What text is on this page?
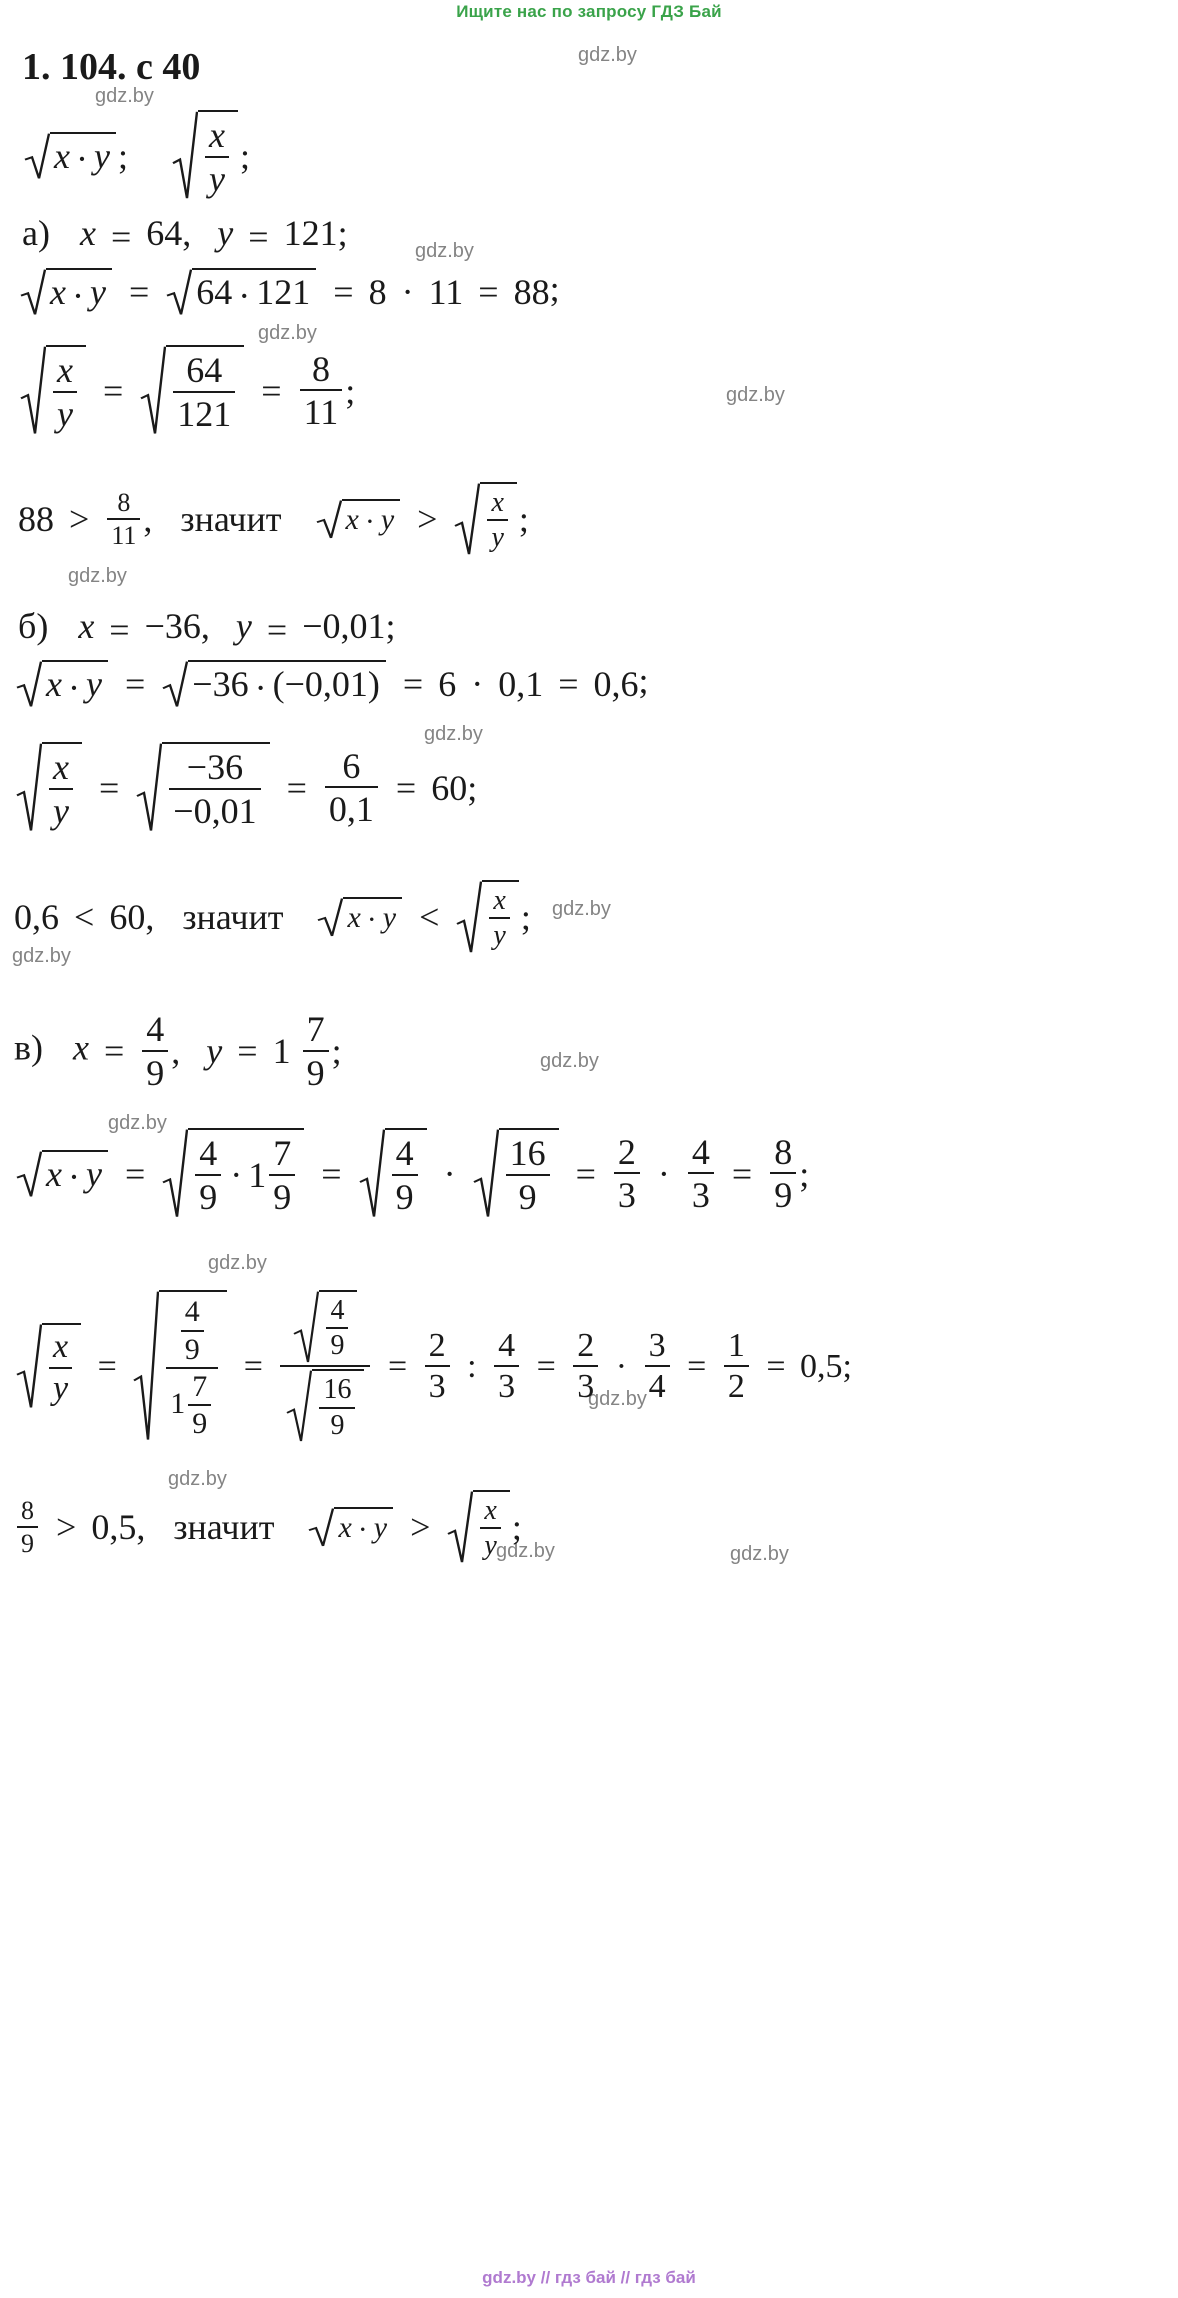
Ищите нас по запросу ГДЗ Бай
gdz.by
gdz.by
gdz.by
gdz.by
gdz.by
gdz.by
gdz.by
gdz.by
gdz.by
gdz.by
gdz.by
gdz.by
gdz.by
gdz.by
gdz.by
1. 104. с 40
x · y ; $\frac{x}{y}$ ;
а) x = 64, y = 121;
x · y = 64 · 121 = 8 · 11 = 88;
$\frac{x}{y} = \frac{64}{121} = \frac{8}{11}$ ;
$88 > \frac{8}{11}$ , значит $x \cdot y > \frac{x}{y}$ ;
б) x = −36, y = −0,01;
x · y = −36 · (−0,01) = 6 · 0,1 = 0,6;
$\frac{x}{y} = \frac{-36}{-0,01} = \frac{6}{0,1} = 60$;
0,6 < 60, значит $x \cdot y < \frac{x}{y}$ ;
в) $x = \frac{4}{9}$ , $y = 1 \frac{7}{9}$ ;
$x \cdot y = \frac{4}{9} \cdot 1 \frac{7}{9} = \frac{4}{9} \cdot \frac{16}{9} = \frac{2}{3} \cdot \frac{4}{3} = \frac{8}{9}$ ;
$\frac{x}{y} = \frac{\frac{4}{9}}{1 \frac{7}{9}} = \frac{\frac{4}{9}}{\frac{16}{9}} = \frac{2}{3}$ : $\frac{4}{3} = \frac{2}{3} \cdot \frac{3}{4} = \frac{1}{2} = 0,5$;
$\frac{8}{9} > 0,5$, значит $x \cdot y > \frac{x}{y}$ ;
gdz.by
gdz.by // гдз бай // гдз бай
